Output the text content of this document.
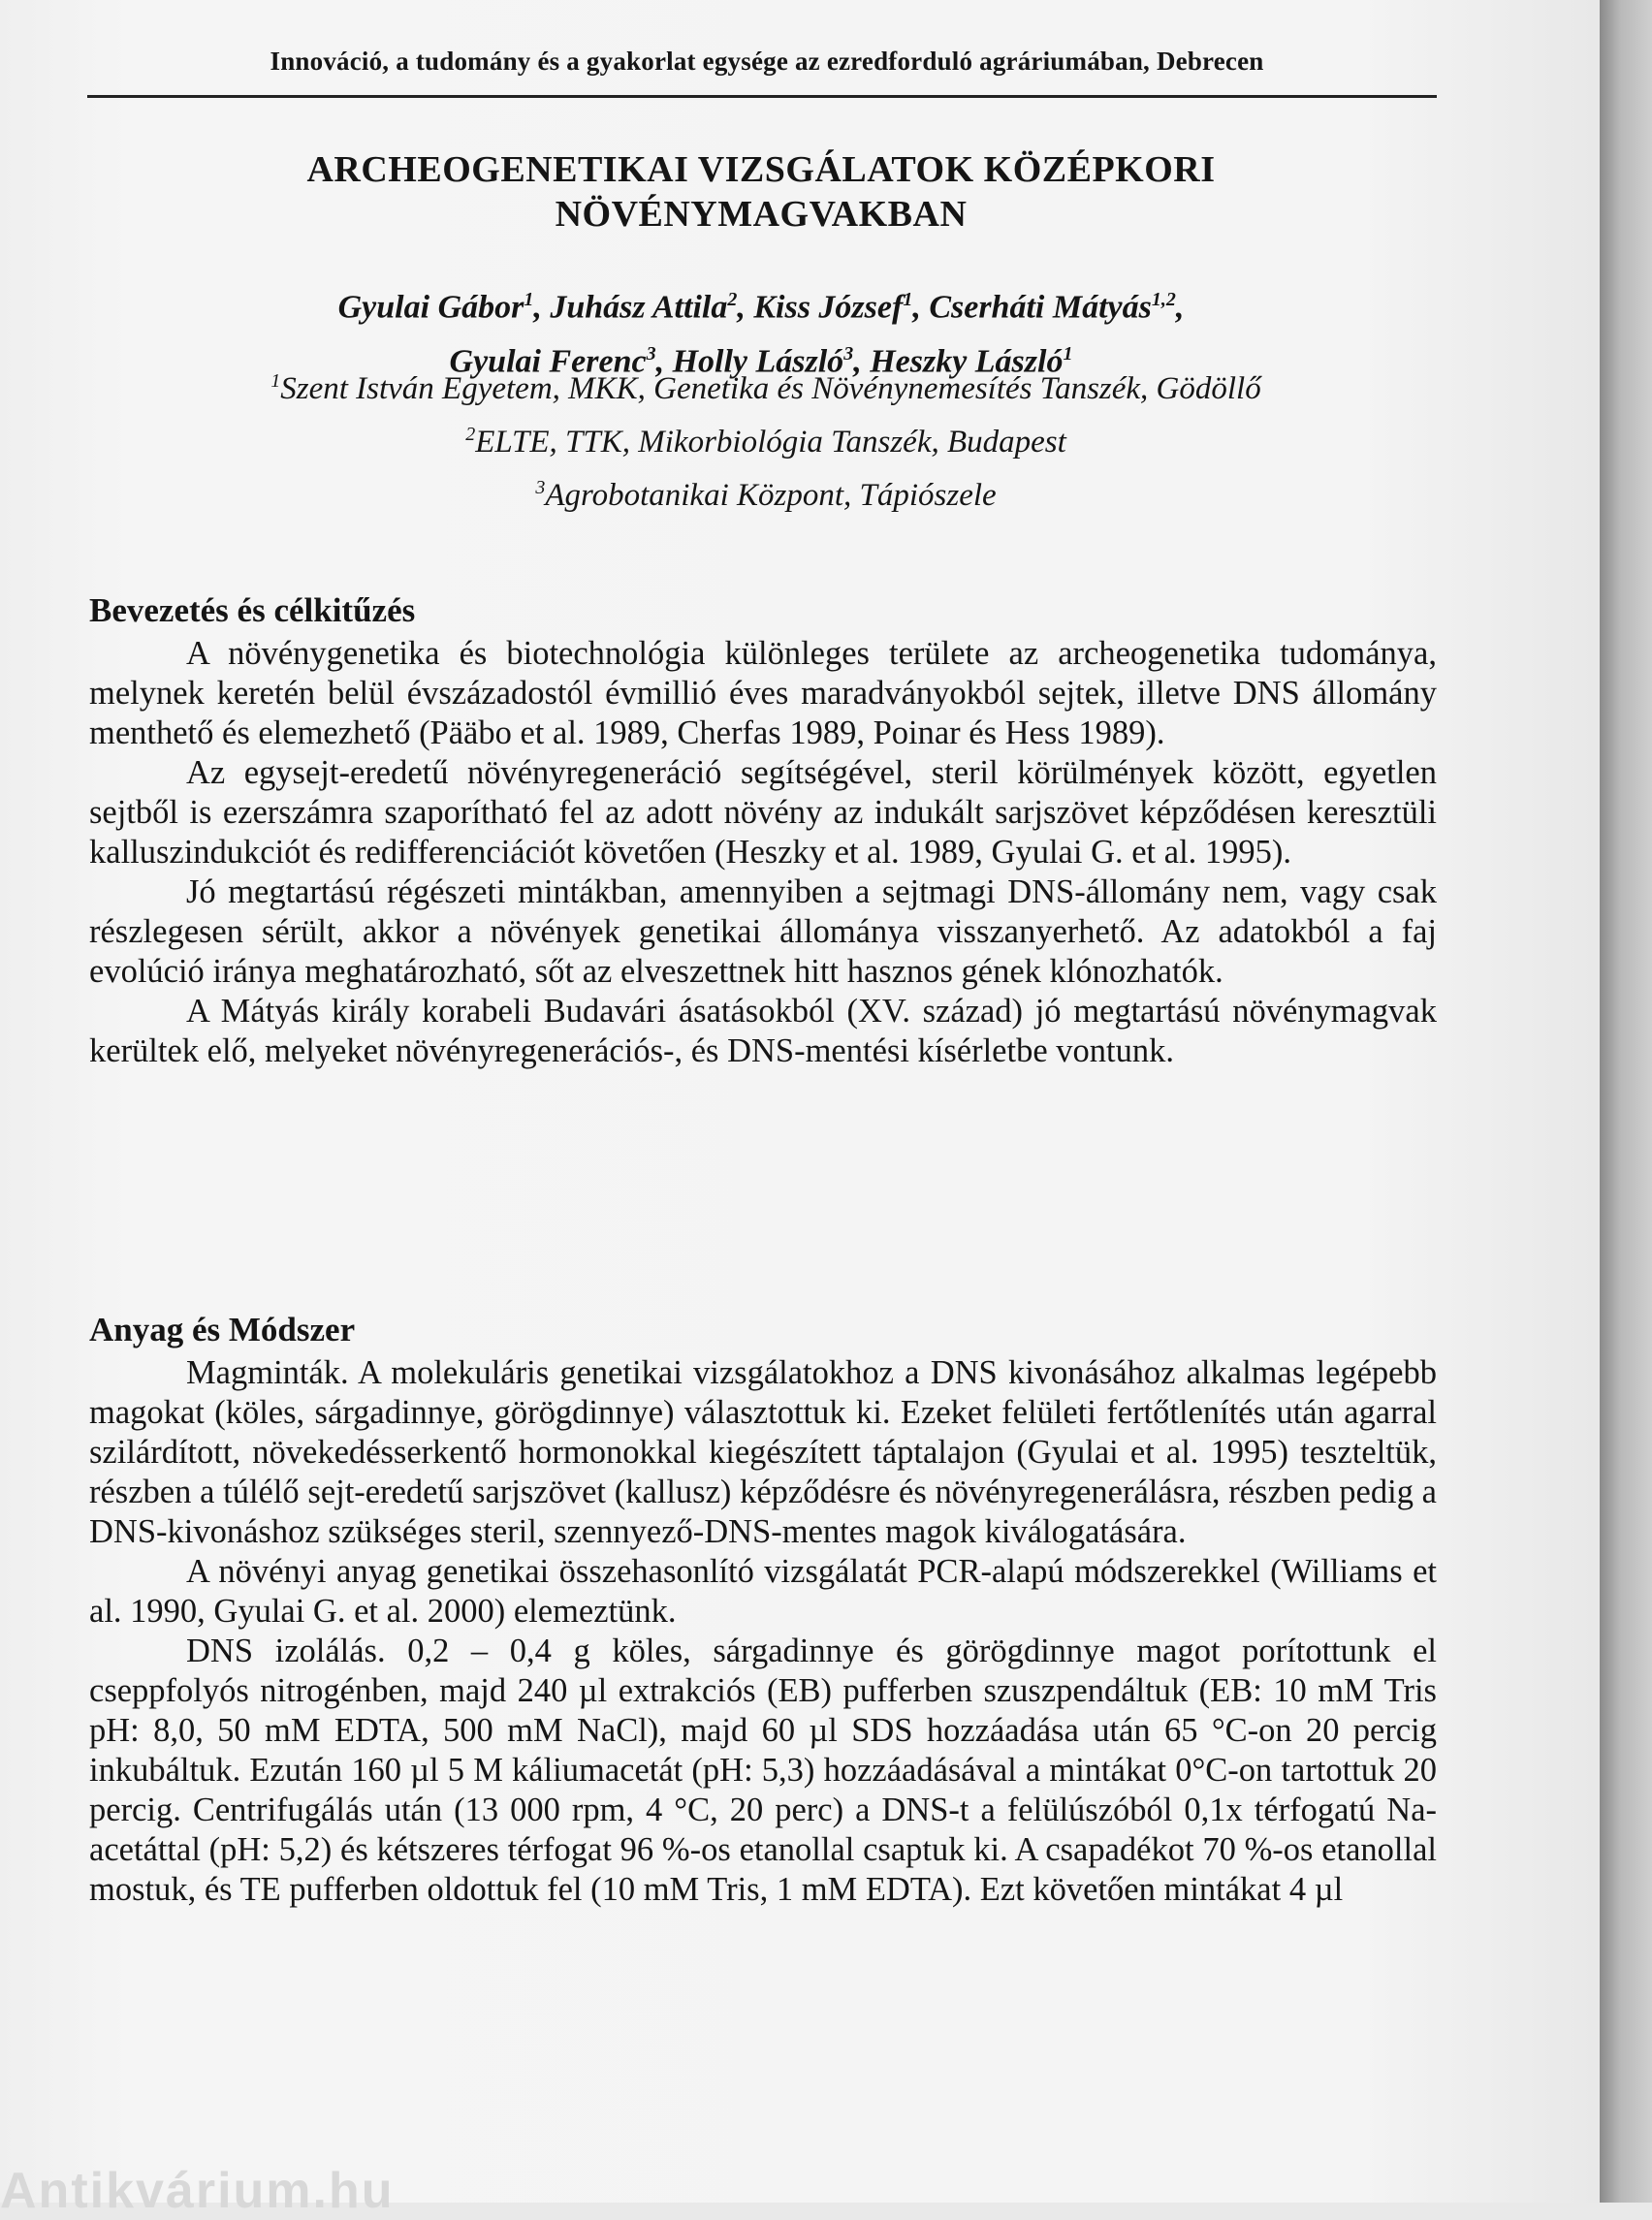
Innováció, a tudomány és a gyakorlat egysége az ezredforduló agráriumában, Debrecen
ARCHEOGENETIKAI VIZSGÁLATOK KÖZÉPKORI
NÖVÉNYMAGVAKBAN
Gyulai Gábor$^1$, Juhász Attila$^2$, Kiss József$^1$, Cserháti Mátyás$^{1,2}$,
Gyulai Ferenc$^3$, Holly László$^3$, Heszky László$^1$
$^1$Szent István Egyetem, MKK, Genetika és Növénynemesítés Tanszék, Gödöllő
$^2$ELTE, TTK, Mikorbiológia Tanszék, Budapest
$^3$Agrobotanikai Központ, Tápiószele
Bevezetés és célkitűzés

A növénygenetika és biotechnológia különleges területe az archeogenetika tudománya, melynek keretén belül évszázadostól évmillió éves maradványokból sejtek, illetve DNS állomány menthető és elemezhető (Pääbo et al. 1989, Cherfas 1989, Poinar és Hess 1989).

Az egysejt-eredetű növényregeneráció segítségével, steril körülmények között, egyetlen sejtből is ezerszámra szaporítható fel az adott növény az indukált sarjszövet képződésen keresztüli kalluszindukciót és redifferenciációt követően (Heszky et al. 1989, Gyulai G. et al. 1995).

Jó megtartású régészeti mintákban, amennyiben a sejtmagi DNS-állomány nem, vagy csak részlegesen sérült, akkor a növények genetikai állománya visszanyerhető. Az adatokból a faj evolúció iránya meghatározható, sőt az elveszettnek hitt hasznos gének klónozhatók.

A Mátyás király korabeli Budavári ásatásokból (XV. század) jó megtartású növénymagvak kerültek elő, melyeket növényregenerációs-, és DNS-mentési kísérletbe vontunk.

Anyag és Módszer

Magminták. A molekuláris genetikai vizsgálatokhoz a DNS kivonásához alkalmas legépebb magokat (köles, sárgadinnye, görögdinnye) választottuk ki. Ezeket felületi fertőtlenítés után agarral szilárdított, növekedésserkentő hormonokkal kiegészített táptalajon (Gyulai et al. 1995) teszteltük, részben a túlélő sejt-eredetű sarjszövet (kallusz) képződésre és növényregenerálásra, részben pedig a DNS-kivonáshoz szükséges steril, szennyező-DNS-mentes magok kiválogatására.

A növényi anyag genetikai összehasonlító vizsgálatát PCR-alapú módszerekkel (Williams et al. 1990, Gyulai G. et al. 2000) elemeztünk.

DNS izolálás. 0,2 – 0,4 g köles, sárgadinnye és görögdinnye magot porítottunk el cseppfolyós nitrogénben, majd 240 µl extrakciós (EB) pufferben szuszpendáltuk (EB: 10 mM Tris pH: 8,0, 50 mM EDTA, 500 mM NaCl), majd 60 µl SDS hozzáadása után 65 °C-on 20 percig inkubáltuk. Ezután 160 µl 5 M káliumacetát (pH: 5,3) hozzáadásával a mintákat 0°C-on tartottuk 20 percig. Centrifugálás után (13 000 rpm, 4 °C, 20 perc) a DNS-t a felülúszóból 0,1x térfogatú Na-acetáttal (pH: 5,2) és kétszeres térfogat 96 %-os etanollal csaptuk ki. A csapadékot 70 %-os etanollal mostuk, és TE pufferben oldottuk fel (10 mM Tris, 1 mM EDTA). Ezt követően mintákat 4 µl

Antikvárium.hu
